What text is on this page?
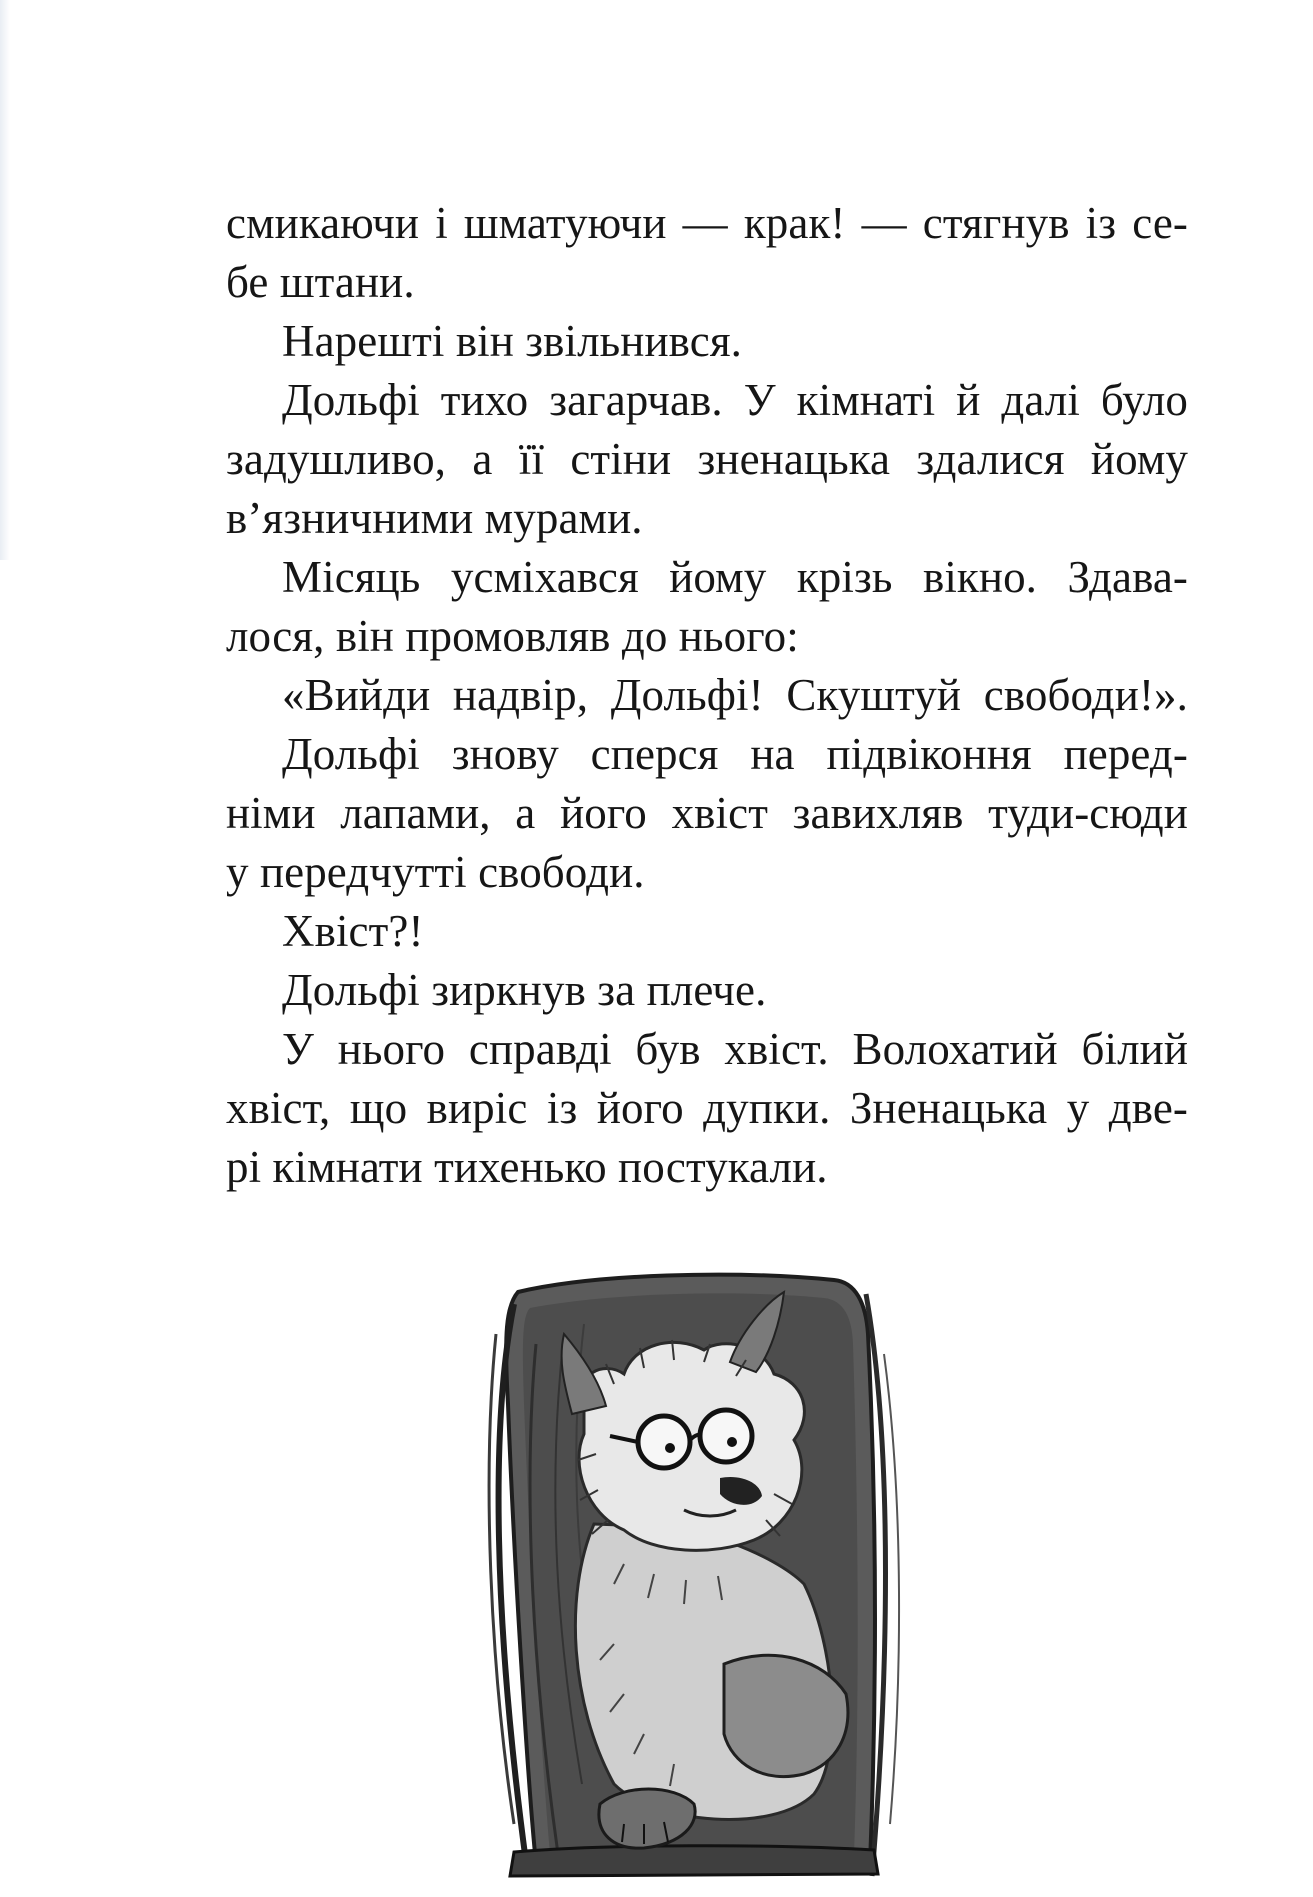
смикаючи і шматуючи — крак! — стягнув із се-
бе штани.
Нарешті він звільнився.
Дольфі тихо загарчав. У кімнаті й далі було
задушливо, а її стіни зненацька здалися йому
в’язничними мурами.
Місяць усміхався йому крізь вікно. Здава-
лося, він промовляв до нього:
«Вийди надвір, Дольфі! Скуштуй свободи!».
Дольфі знову сперся на підвіконня перед-
німи лапами, а його хвіст завихляв туди-сюди
у передчутті свободи.
Хвіст?!
Дольфі зиркнув за плече.
У нього справді був хвіст. Волохатий білий
хвіст, що виріс із його дупки. Зненацька у две-
рі кімнати тихенько постукали.
